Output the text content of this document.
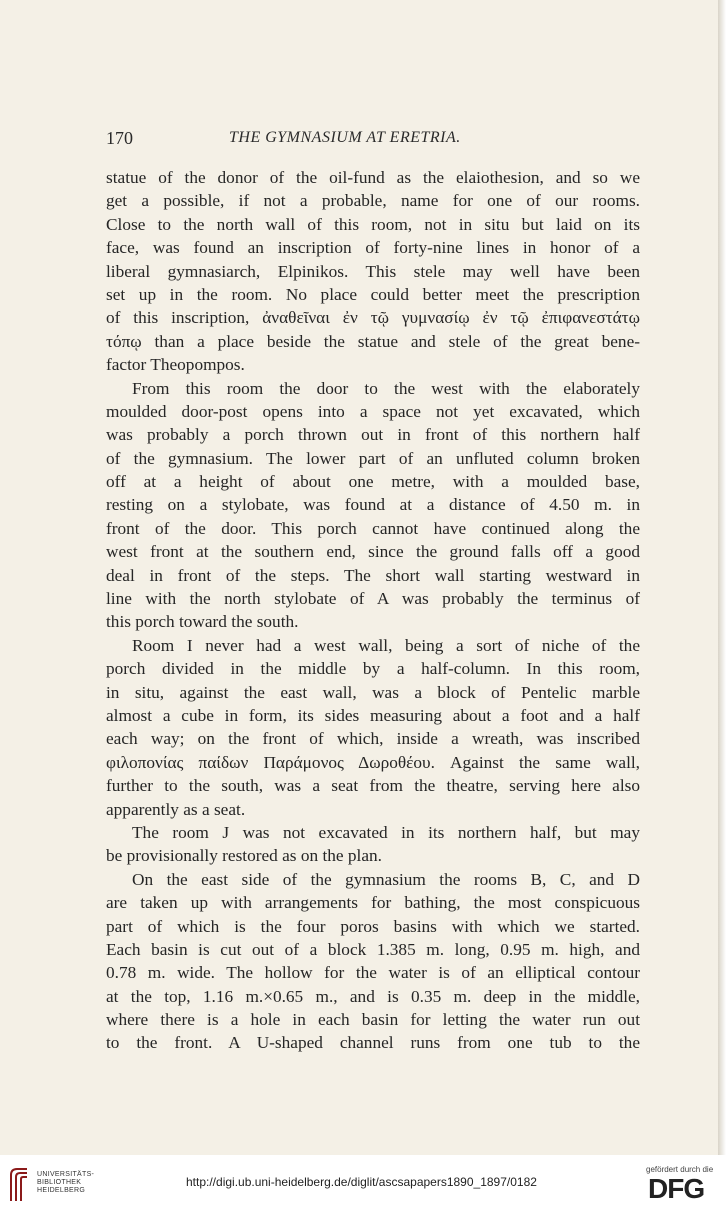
170	THE GYMNASIUM AT ERETRIA.
statue of the donor of the oil-fund as the elaiothesion, and so we
get a possible, if not a probable, name for one of our rooms.
Close to the north wall of this room, not in situ but laid on its
face, was found an inscription of forty-nine lines in honor of a
liberal gymnasiarch, Elpinikos. This stele may well have been
set up in the room. No place could better meet the prescription
of this inscription, ἀναθεῖναι ἐν τῷ γυμνασίῳ ἐν τῷ ἐπιφανεστάτῳ
τόπῳ than a place beside the statue and stele of the great bene-
factor Theopompos.
From this room the door to the west with the elaborately
moulded door-post opens into a space not yet excavated, which
was probably a porch thrown out in front of this northern half
of the gymnasium. The lower part of an unfluted column broken
off at a height of about one metre, with a moulded base,
resting on a stylobate, was found at a distance of 4.50 m. in
front of the door. This porch cannot have continued along the
west front at the southern end, since the ground falls off a good
deal in front of the steps. The short wall starting westward in
line with the north stylobate of A was probably the terminus of
this porch toward the south.
Room I never had a west wall, being a sort of niche of the
porch divided in the middle by a half-column. In this room,
in situ, against the east wall, was a block of Pentelic marble
almost a cube in form, its sides measuring about a foot and a half
each way; on the front of which, inside a wreath, was inscribed
φιλοπονίας παίδων Παράμονος Δωροθέου. Against the same wall,
further to the south, was a seat from the theatre, serving here also
apparently as a seat.
The room J was not excavated in its northern half, but may
be provisionally restored as on the plan.
On the east side of the gymnasium the rooms B, C, and D
are taken up with arrangements for bathing, the most conspicuous
part of which is the four poros basins with which we started.
Each basin is cut out of a block 1.385 m. long, 0.95 m. high, and
0.78 m. wide. The hollow for the water is of an elliptical contour
at the top, 1.16 m.×0.65 m., and is 0.35 m. deep in the middle,
where there is a hole in each basin for letting the water run out
to the front. A U-shaped channel runs from one tub to the
UNIVERSITÄTS-
BIBLIOTHEK
HEIDELBERG
http://digi.ub.uni-heidelberg.de/diglit/ascsapapers1890_1897/0182
gefördert durch die
DFG
